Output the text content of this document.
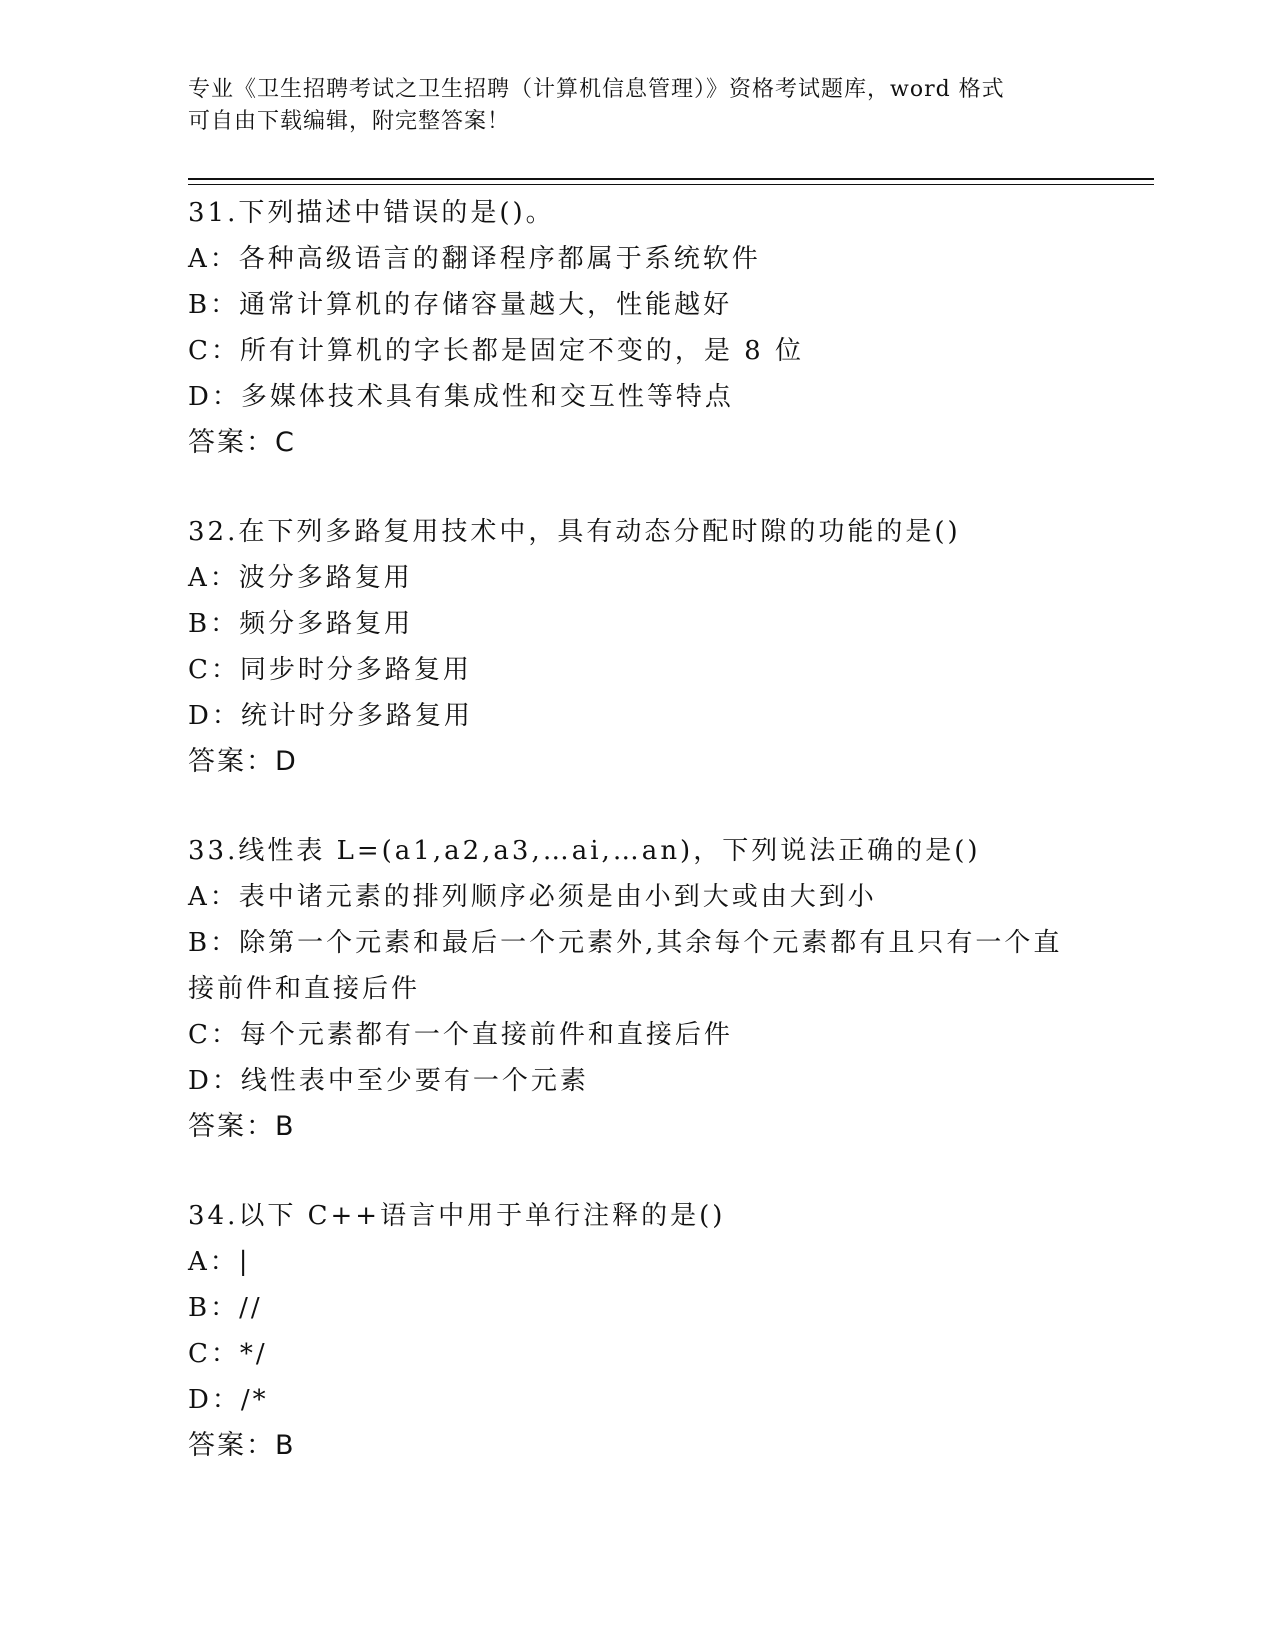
专业《卫生招聘考试之卫生招聘（计算机信息管理）》资格考试题库，word 格式
可自由下载编辑，附完整答案！
31.下列描述中错误的是()。
A：各种高级语言的翻译程序都属于系统软件
B：通常计算机的存储容量越大，性能越好
C：所有计算机的字长都是固定不变的，是 8 位
D：多媒体技术具有集成性和交互性等特点
答案：C
32.在下列多路复用技术中，具有动态分配时隙的功能的是()
A：波分多路复用
B：频分多路复用
C：同步时分多路复用
D：统计时分多路复用
答案：D
33.线性表 L=(a1,a2,a3,…ai,…an)，下列说法正确的是()
A：表中诸元素的排列顺序必须是由小到大或由大到小
B：除第一个元素和最后一个元素外,其余每个元素都有且只有一个直接前件和直接后件
C：每个元素都有一个直接前件和直接后件
D：线性表中至少要有一个元素
答案：B
34.以下 C++语言中用于单行注释的是()
A：|
B：//
C：*/
D：/*
答案：B
